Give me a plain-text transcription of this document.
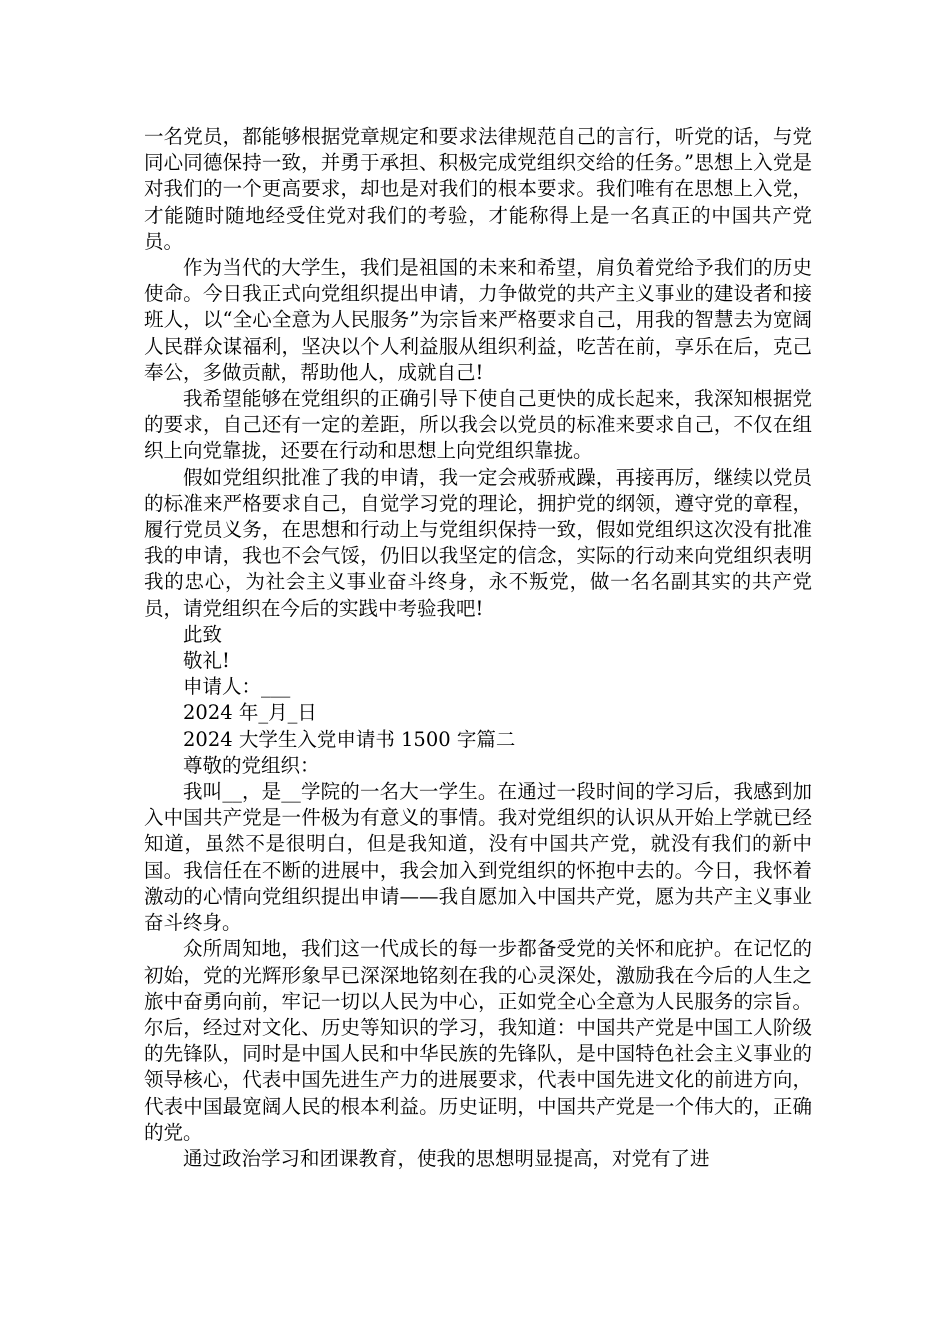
一名党员，都能够根据党章规定和要求法律规范自己的言行，听党的话，与党同心同德保持一致，并勇于承担、积极完成党组织交给的任务。”思想上入党是对我们的一个更高要求，却也是对我们的根本要求。我们唯有在思想上入党，才能随时随地经受住党对我们的考验，才能称得上是一名真正的中国共产党员。

作为当代的大学生，我们是祖国的未来和希望，肩负着党给予我们的历史使命。今日我正式向党组织提出申请，力争做党的共产主义事业的建设者和接班人，以“全心全意为人民服务”为宗旨来严格要求自己，用我的智慧去为宽阔人民群众谋福利，坚决以个人利益服从组织利益，吃苦在前，享乐在后，克己奉公，多做贡献，帮助他人，成就自己!

我希望能够在党组织的正确引导下使自己更快的成长起来，我深知根据党的要求，自己还有一定的差距，所以我会以党员的标准来要求自己，不仅在组织上向党靠拢，还要在行动和思想上向党组织靠拢。

假如党组织批准了我的申请，我一定会戒骄戒躁，再接再厉，继续以党员的标准来严格要求自己，自觉学习党的理论，拥护党的纲领，遵守党的章程，履行党员义务，在思想和行动上与党组织保持一致，假如党组织这次没有批准我的申请，我也不会气馁，仍旧以我坚定的信念，实际的行动来向党组织表明我的忠心，为社会主义事业奋斗终身，永不叛党，做一名名副其实的共产党员，请党组织在今后的实践中考验我吧!

此致

敬礼!

申请人：___

2024 年_月_日

2024 大学生入党申请书 1500 字篇二

尊敬的党组织：

我叫__，是__学院的一名大一学生。在通过一段时间的学习后，我感到加入中国共产党是一件极为有意义的事情。我对党组织的认识从开始上学就已经知道，虽然不是很明白，但是我知道，没有中国共产党，就没有我们的新中国。我信任在不断的进展中，我会加入到党组织的怀抱中去的。今日，我怀着激动的心情向党组织提出申请——我自愿加入中国共产党，愿为共产主义事业奋斗终身。

众所周知地，我们这一代成长的每一步都备受党的关怀和庇护。在记忆的初始，党的光辉形象早已深深地铭刻在我的心灵深处，激励我在今后的人生之旅中奋勇向前，牢记一切以人民为中心，正如党全心全意为人民服务的宗旨。尔后，经过对文化、历史等知识的学习，我知道：中国共产党是中国工人阶级的先锋队，同时是中国人民和中华民族的先锋队，是中国特色社会主义事业的领导核心，代表中国先进生产力的进展要求，代表中国先进文化的前进方向，代表中国最宽阔人民的根本利益。历史证明，中国共产党是一个伟大的，正确的党。

通过政治学习和团课教育，使我的思想明显提高，对党有了进
